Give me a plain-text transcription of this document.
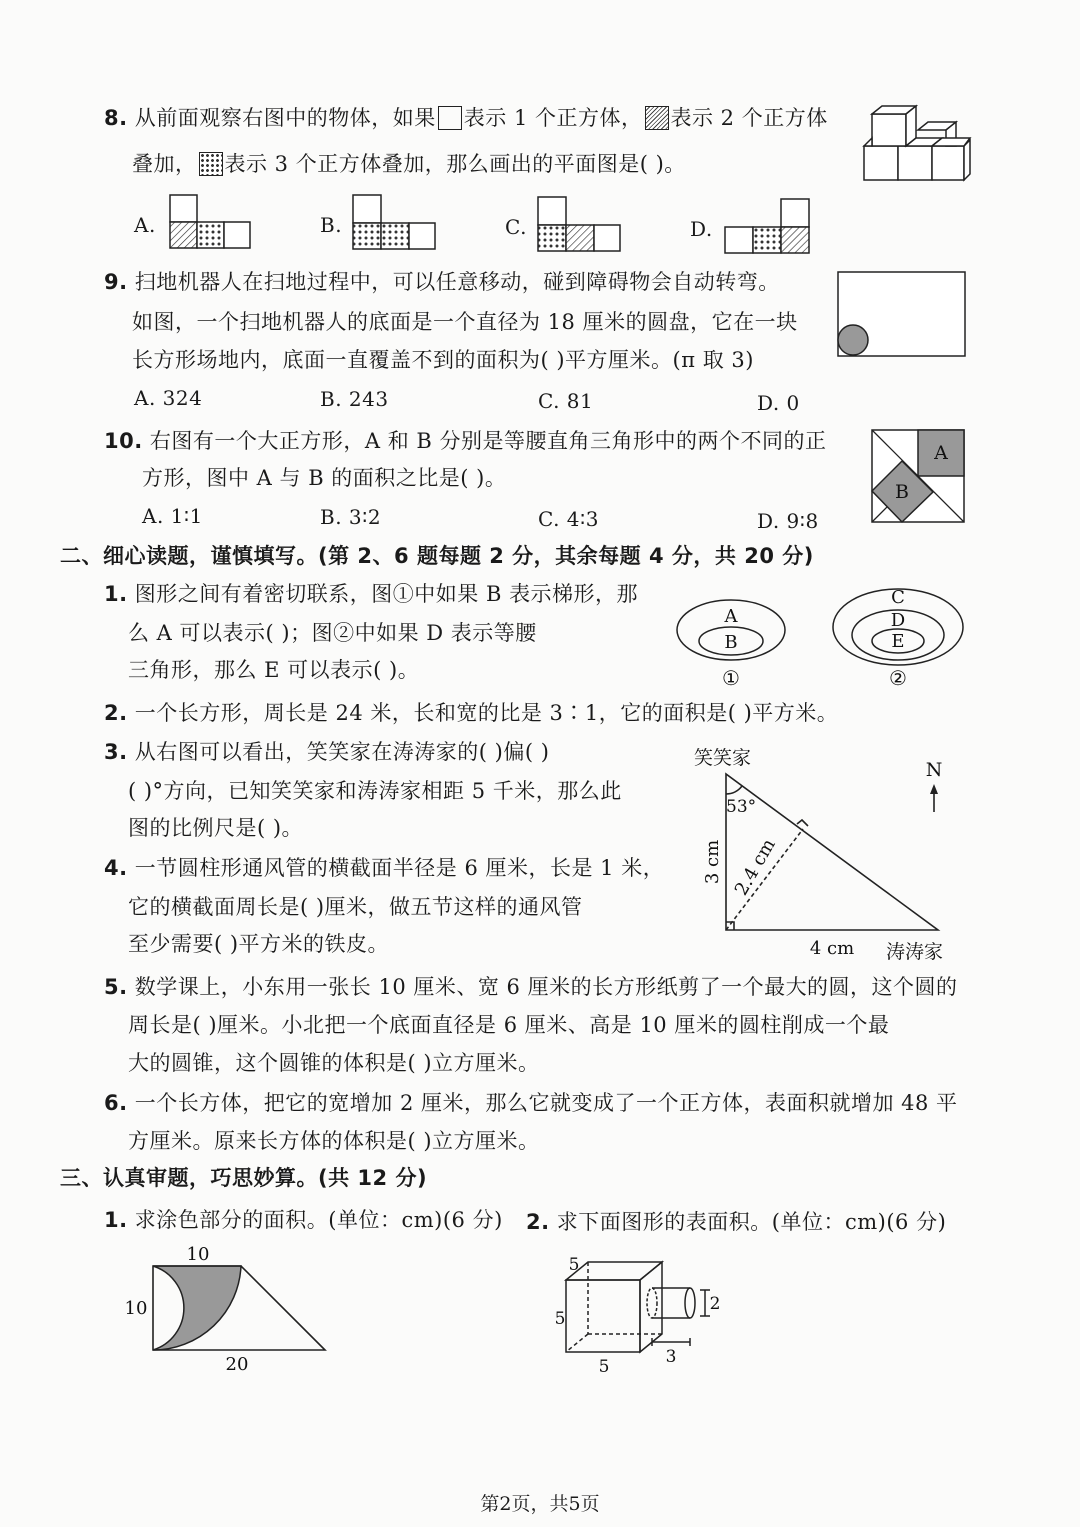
8. 从前面观察右图中的物体，如果 表示 1 个正方体， 表示 2 个正方体
叠加， 表示 3 个正方体叠加，那么画出的平面图是( )。
A.	B.	C.	D.
9. 扫地机器人在扫地过程中，可以任意移动，碰到障碍物会自动转弯。
如图，一个扫地机器人的底面是一个直径为 18 厘米的圆盘，它在一块
长方形场地内，底面一直覆盖不到的面积为( )平方厘米。(π 取 3)
A. 324	B. 243	C. 81	D. 0
10. 右图有一个大正方形，A 和 B 分别是等腰直角三角形中的两个不同的正
方形，图中 A 与 B 的面积之比是( )。
A
B
A. 1∶1	B. 3∶2	C. 4∶3	D. 9∶8
二、细心读题，谨慎填写。(第 2、6 题每题 2 分，其余每题 4 分，共 20 分)
1. 图形之间有着密切联系，图①中如果 B 表示梯形，那
么 A 可以表示( )；图②中如果 D 表示等腰
三角形，那么 E 可以表示( )。
A
B
C
D
E
①	②
2. 一个长方形，周长是 24 米，长和宽的比是 3∶1，它的面积是( )平方米。
3. 从右图可以看出，笑笑家在涛涛家的( )偏( )
( )°方向，已知笑笑家和涛涛家相距 5 千米，那么此
图的比例尺是( )。
笑笑家
N
53°
3 cm 2.4 cm
4 cm 涛涛家
4. 一节圆柱形通风管的横截面半径是 6 厘米，长是 1 米，
它的横截面周长是( )厘米，做五节这样的通风管
至少需要( )平方米的铁皮。
5. 数学课上，小东用一张长 10 厘米、宽 6 厘米的长方形纸剪了一个最大的圆，这个圆的
周长是( )厘米。小北把一个底面直径是 6 厘米、高是 10 厘米的圆柱削成一个最
大的圆锥，这个圆锥的体积是( )立方厘米。
6. 一个长方体，把它的宽增加 2 厘米，那么它就变成了一个正方体，表面积就增加 48 平
方厘米。原来长方体的体积是( )立方厘米。
三、认真审题，巧思妙算。(共 12 分)
1. 求涂色部分的面积。(单位：cm)(6 分) 2. 求下面图形的表面积。(单位：cm)(6 分)
10
10
20
5
5
5
2
3
第2页，共5页
